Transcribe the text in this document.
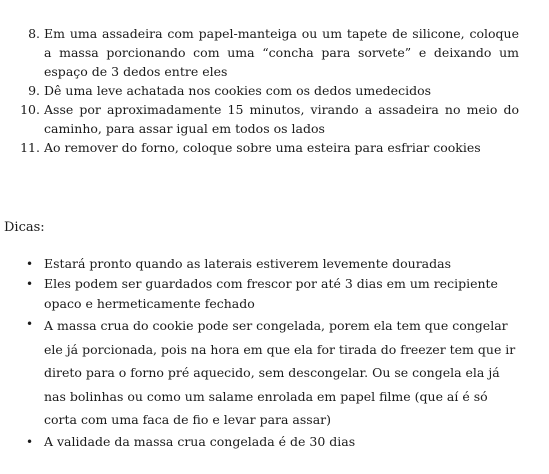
8. Em uma assadeira com papel-manteiga ou um tapete de silicone, coloque a massa porcionando com uma “concha para sorvete” e deixando um espaço de 3 dedos entre eles
9. Dê uma leve achatada nos cookies com os dedos umedecidos
10. Asse por aproximadamente 15 minutos, virando a assadeira no meio do caminho, para assar igual em todos os lados
11. Ao remover do forno, coloque sobre uma esteira para esfriar cookies
Dicas:
• Estará pronto quando as laterais estiverem levemente douradas
• Eles podem ser guardados com frescor por até 3 dias em um recipiente opaco e hermeticamente fechado
• A massa crua do cookie pode ser congelada, porem ela tem que congelar ele já porcionada, pois na hora em que ela for tirada do freezer tem que ir direto para o forno pré aquecido, sem descongelar. Ou se congela ela já nas bolinhas ou como um salame enrolada em papel filme (que aí é só corta com uma faca de fio e levar para assar)
• A validade da massa crua congelada é de 30 dias
